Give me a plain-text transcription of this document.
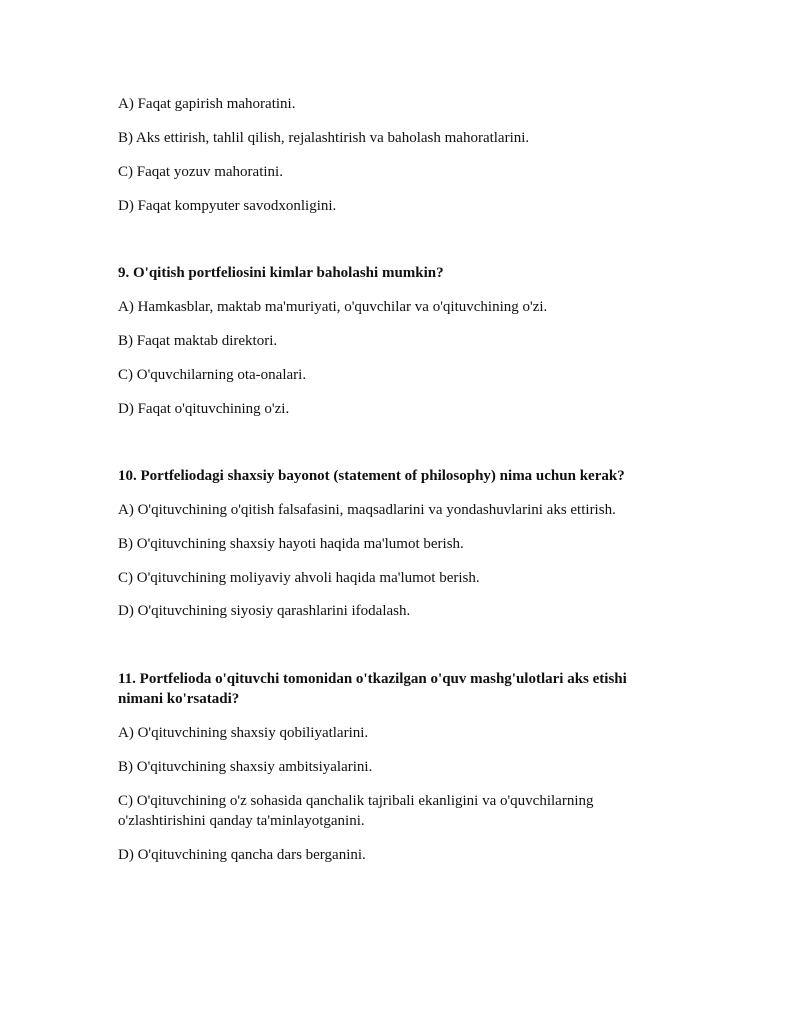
A) Faqat gapirish mahoratini.
B) Aks ettirish, tahlil qilish, rejalashtirish va baholash mahoratlarini.
C) Faqat yozuv mahoratini.
D) Faqat kompyuter savodxonligini.
9. O'qitish portfeliosini kimlar baholashi mumkin?
A) Hamkasblar, maktab ma'muriyati, o'quvchilar va o'qituvchining o'zi.
B) Faqat maktab direktori.
C) O'quvchilarning ota-onalari.
D) Faqat o'qituvchining o'zi.
10. Portfeliodagi shaxsiy bayonot (statement of philosophy) nima uchun kerak?
A) O'qituvchining o'qitish falsafasini, maqsadlarini va yondashuvlarini aks ettirish.
B) O'qituvchining shaxsiy hayoti haqida ma'lumot berish.
C) O'qituvchining moliyaviy ahvoli haqida ma'lumot berish.
D) O'qituvchining siyosiy qarashlarini ifodalash.
11. Portfelioda o'qituvchi tomonidan o'tkazilgan o'quv mashg'ulotlari aks etishi nimani ko'rsatadi?
A) O'qituvchining shaxsiy qobiliyatlarini.
B) O'qituvchining shaxsiy ambitsiyalarini.
C) O'qituvchining o'z sohasida qanchalik tajribali ekanligini va o'quvchilarning o'zlashtirishini qanday ta'minlayotganini.
D) O'qituvchining qancha dars berganini.
